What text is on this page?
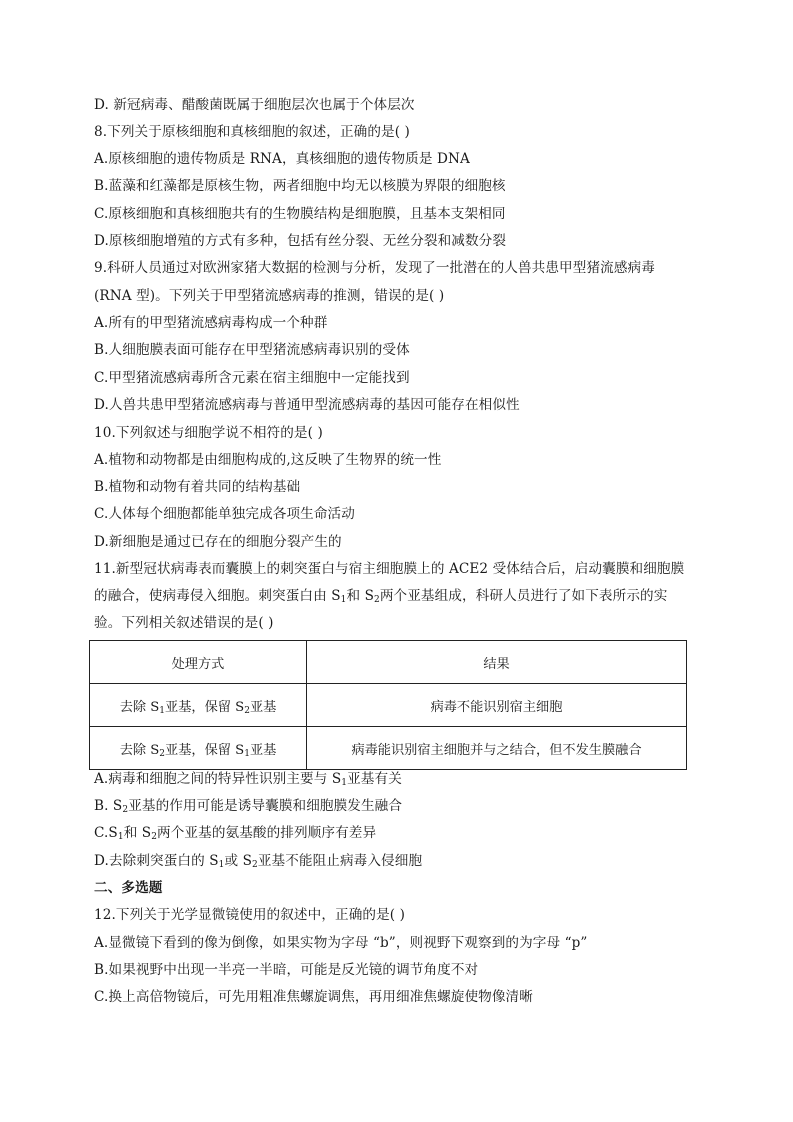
D. 新冠病毒、醋酸菌既属于细胞层次也属于个体层次
8.下列关于原核细胞和真核细胞的叙述，正确的是( )
A.原核细胞的遗传物质是 RNA，真核细胞的遗传物质是 DNA
B.蓝藻和红藻都是原核生物，两者细胞中均无以核膜为界限的细胞核
C.原核细胞和真核细胞共有的生物膜结构是细胞膜，且基本支架相同
D.原核细胞增殖的方式有多种，包括有丝分裂、无丝分裂和减数分裂
9.科研人员通过对欧洲家猪大数据的检测与分析，发现了一批潜在的人兽共患甲型猪流感病毒
(RNA 型)。下列关于甲型猪流感病毒的推测，错误的是( )
A.所有的甲型猪流感病毒构成一个种群
B.人细胞膜表面可能存在甲型猪流感病毒识别的受体
C.甲型猪流感病毒所含元素在宿主细胞中一定能找到
D.人兽共患甲型猪流感病毒与普通甲型流感病毒的基因可能存在相似性
10.下列叙述与细胞学说不相符的是( )
A.植物和动物都是由细胞构成的,这反映了生物界的统一性
B.植物和动物有着共同的结构基础
C.人体每个细胞都能单独完成各项生命活动
D.新细胞是通过已存在的细胞分裂产生的
11.新型冠状病毒表而囊膜上的刺突蛋白与宿主细胞膜上的 ACE2 受体结合后，启动囊膜和细胞膜
的融合，使病毒侵入细胞。刺突蛋白由 $S_1$和 $S_2$两个亚基组成，科研人员进行了如下表所示的实
验。下列相关叙述错误的是( )
处理方式	结果
去除 $S_1$亚基，保留 $S_2$亚基	病毒不能识别宿主细胞
去除 $S_2$亚基，保留 $S_1$亚基	病毒能识别宿主细胞并与之结合，但不发生膜融合
A.病毒和细胞之间的特异性识别主要与 $S_1$亚基有关
B. $S_2$亚基的作用可能是诱导囊膜和细胞膜发生融合
$C.S_1$和 $S_2$两个亚基的氨基酸的排列顺序有差异
D.去除刺突蛋白的 $S_1$或 $S_2$亚基不能阻止病毒入侵细胞
二、多选题
12.下列关于光学显微镜使用的叙述中，正确的是( )
A.显微镜下看到的像为倒像，如果实物为字母 “b”，则视野下观察到的为字母 “p”
B.如果视野中出现一半亮一半暗，可能是反光镜的调节角度不对
C.换上高倍物镜后，可先用粗准焦螺旋调焦，再用细准焦螺旋使物像清晰
